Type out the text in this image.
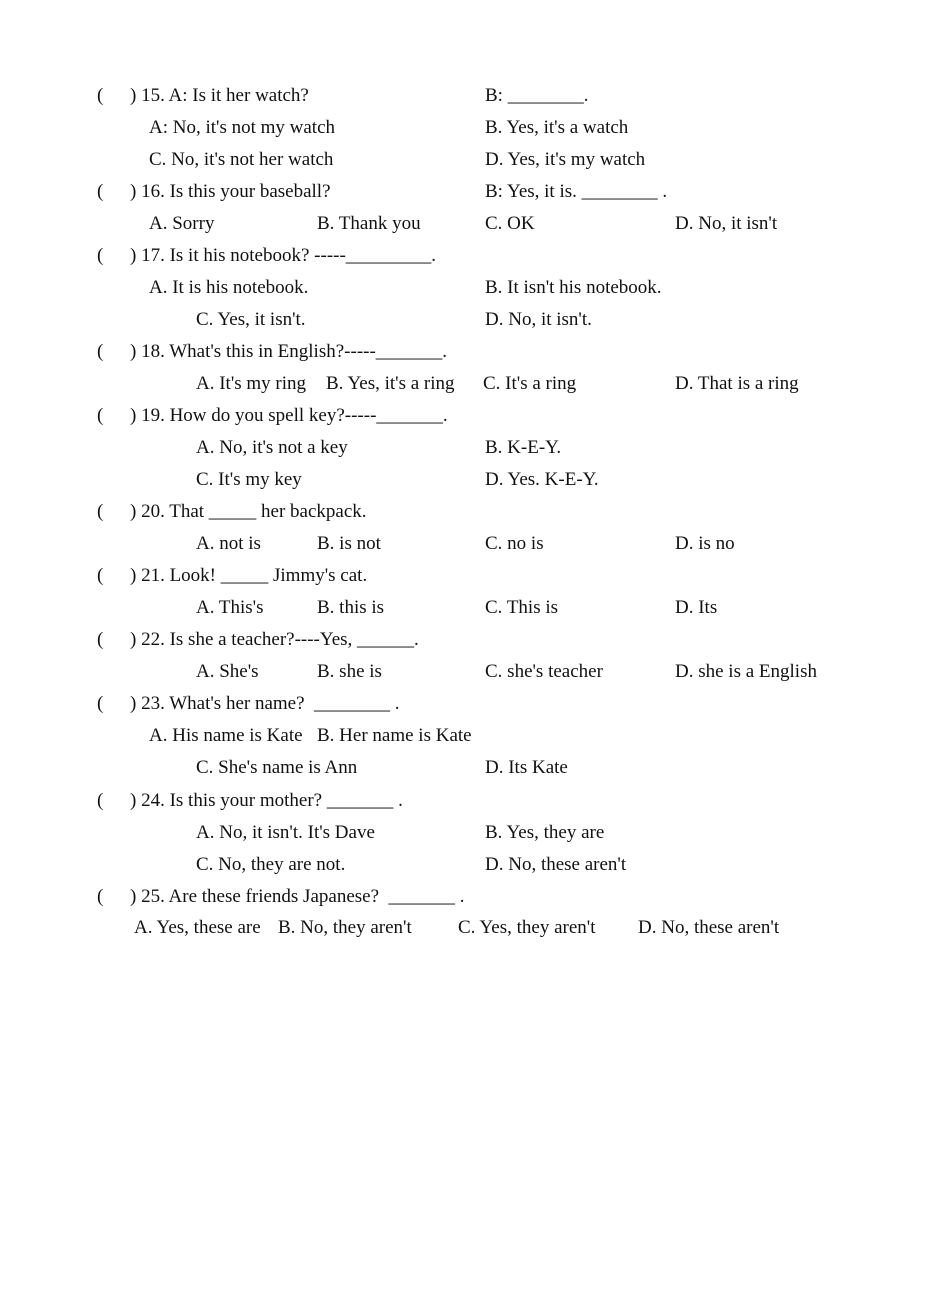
( ) 15. A: Is it her watch?	B: ________.
A: No, it's not my watch	B. Yes, it's a watch
C. No, it's not her watch	D. Yes, it's my watch
( ) 16. Is this your baseball?	B: Yes, it is. ________ .
A. Sorry	B. Thank you	C. OK	D. No, it isn't
( ) 17. Is it his notebook? -----_________.
A. It is his notebook.	B. It isn't his notebook.
C. Yes, it isn't.	D. No, it isn't.
( ) 18. What's this in English?-----_______.
A. It's my ring B. Yes, it's a ring C. It's a ring	D. That is a ring
( ) 19. How do you spell key?-----_______.
A. No, it's not a key	B. K-E-Y.
C. It's my key	D. Yes. K-E-Y.
( ) 20. That _____ her backpack.
A. not is	B. is not	C. no is	D. is no
( ) 21. Look! _____ Jimmy's cat.
A. This's	B. this is	C. This is	D. Its
( ) 22. Is she a teacher?----Yes, ______.
A. She's	B. she is	C. she's teacher	D. she is a English
( ) 23. What's her name?  ________ .
A. His name is Kate B. Her name is Kate
C. She's name is Ann	D. Its Kate
( ) 24. Is this your mother? _______ .
A. No, it isn't. It's Dave	B. Yes, they are
C. No, they are not.	D. No, these aren't
( ) 25. Are these friends Japanese?  _______ .
A. Yes, these are B. No, they aren't C. Yes, they aren't D. No, these aren't
